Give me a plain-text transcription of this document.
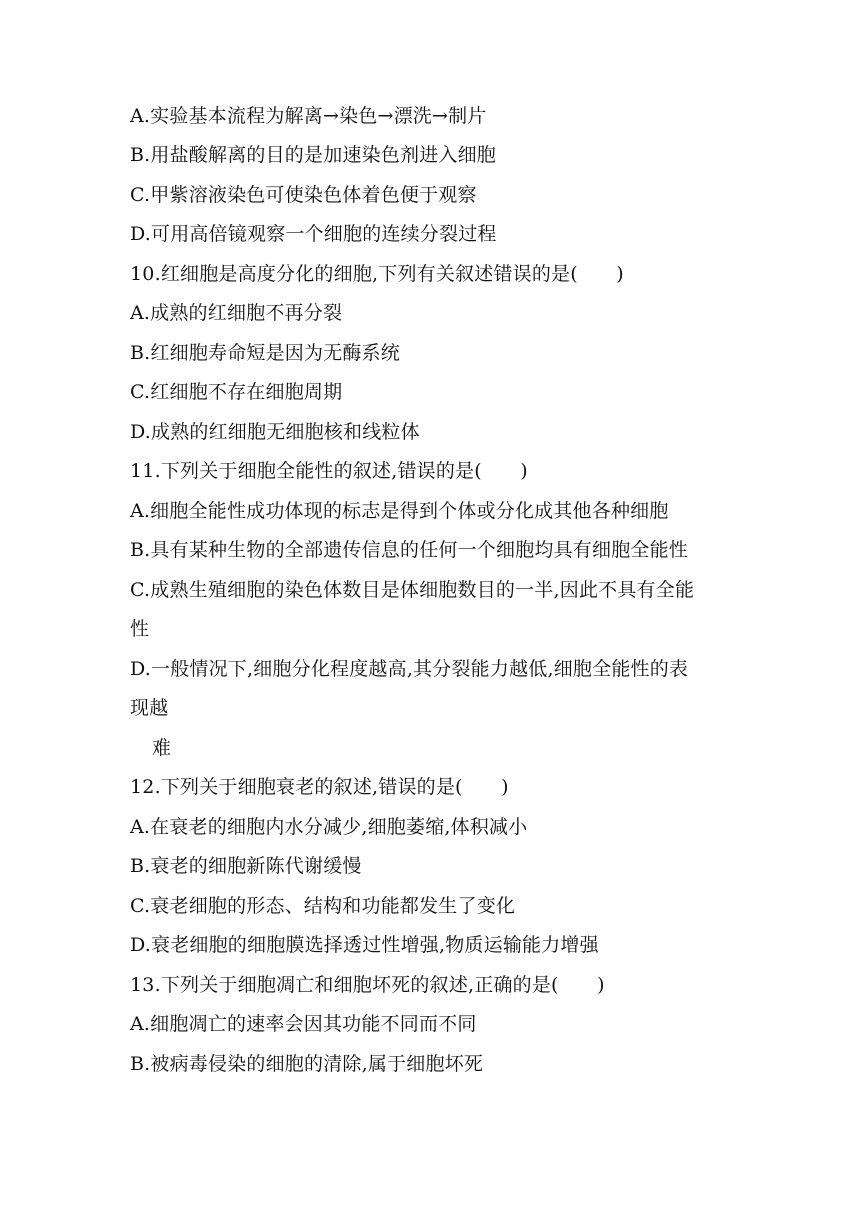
A.实验基本流程为解离→染色→漂洗→制片
B.用盐酸解离的目的是加速染色剂进入细胞
C.甲紫溶液染色可使染色体着色便于观察
D.可用高倍镜观察一个细胞的连续分裂过程
10.红细胞是高度分化的细胞,下列有关叙述错误的是(　　)
A.成熟的红细胞不再分裂
B.红细胞寿命短是因为无酶系统
C.红细胞不存在细胞周期
D.成熟的红细胞无细胞核和线粒体
11.下列关于细胞全能性的叙述,错误的是(　　)
A.细胞全能性成功体现的标志是得到个体或分化成其他各种细胞
B.具有某种生物的全部遗传信息的任何一个细胞均具有细胞全能性
C.成熟生殖细胞的染色体数目是体细胞数目的一半,因此不具有全能
性
D.一般情况下,细胞分化程度越高,其分裂能力越低,细胞全能性的表
现越
难
12.下列关于细胞衰老的叙述,错误的是(　　)
A.在衰老的细胞内水分减少,细胞萎缩,体积减小
B.衰老的细胞新陈代谢缓慢
C.衰老细胞的形态、结构和功能都发生了变化
D.衰老细胞的细胞膜选择透过性增强,物质运输能力增强
13.下列关于细胞凋亡和细胞坏死的叙述,正确的是(　　)
A.细胞凋亡的速率会因其功能不同而不同
B.被病毒侵染的细胞的清除,属于细胞坏死
